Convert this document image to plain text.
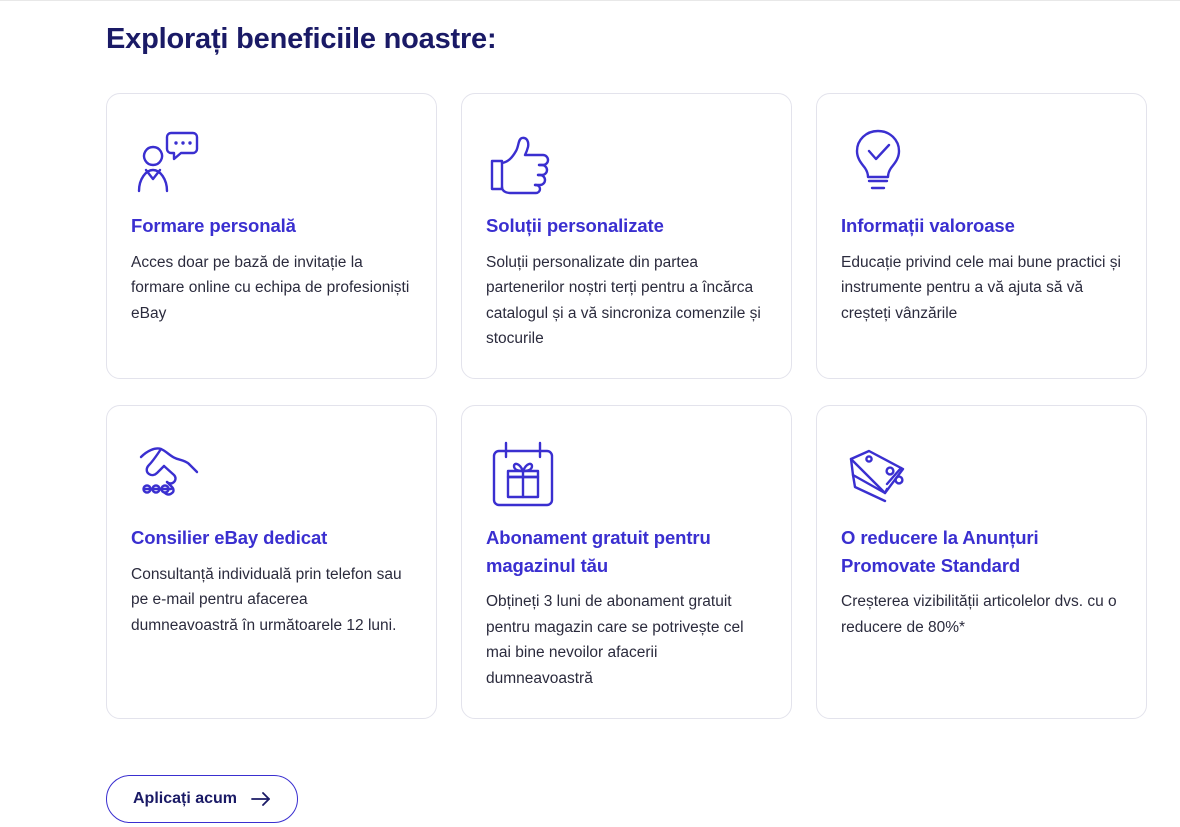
Explorați beneficiile noastre:
Formare personală

Acces doar pe bază de invitație la formare online cu echipa de profesioniști eBay

Soluții personalizate

Soluții personalizate din partea partenerilor noștri terți pentru a încărca catalogul și a vă sincroniza comenzile și stocurile

Informații valoroase

Educație privind cele mai bune practici și instrumente pentru a vă ajuta să vă creșteți vânzările

Consilier eBay dedicat

Consultanță individuală prin telefon sau pe e-mail pentru afacerea dumneavoastră în următoarele 12 luni.

Abonament gratuit pentru magazinul tău

Obțineți 3 luni de abonament gratuit pentru magazin care se potrivește cel mai bine nevoilor afacerii dumneavoastră

O reducere la Anunțuri Promovate Standard

Creșterea vizibilității articolelor dvs. cu o reducere de 80%*

Aplicați acum
